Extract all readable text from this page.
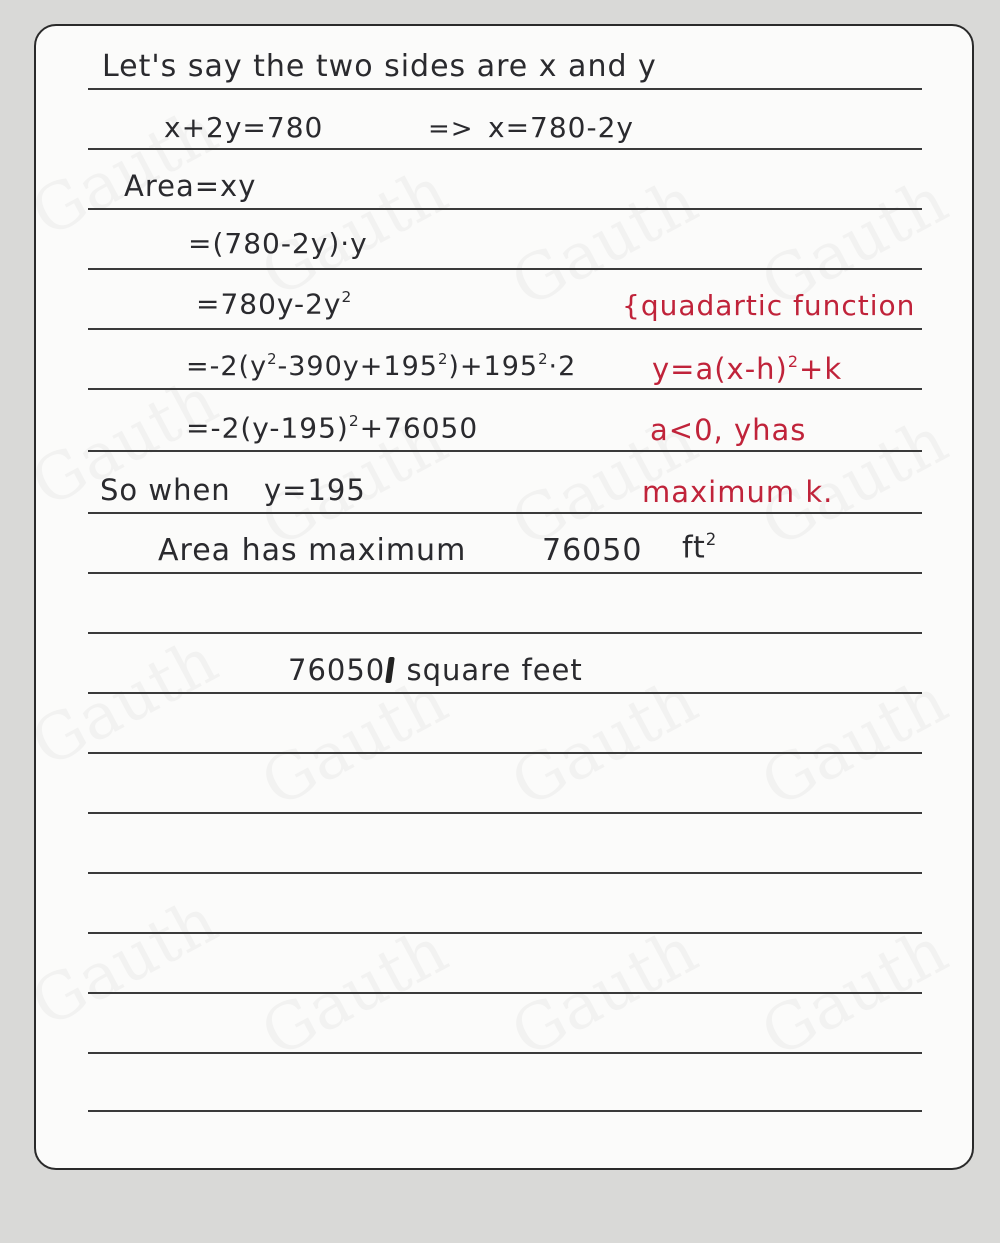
Let's say the two sides are x and y
x+2y=780	=> x=780-2y
Area=xy
=(780-2y)·y
$=780y-2y^2$	{quadartic function
$=-2(y^2-390y+195^2)+195^2\cdot 2$	$y=a(x-h)^2+k$
$=-2(y-195)^2+76050$	a<0, yhas
So when y=195	maximum k.
Area has maximum	76050 $ft^2$
76050 square feet
